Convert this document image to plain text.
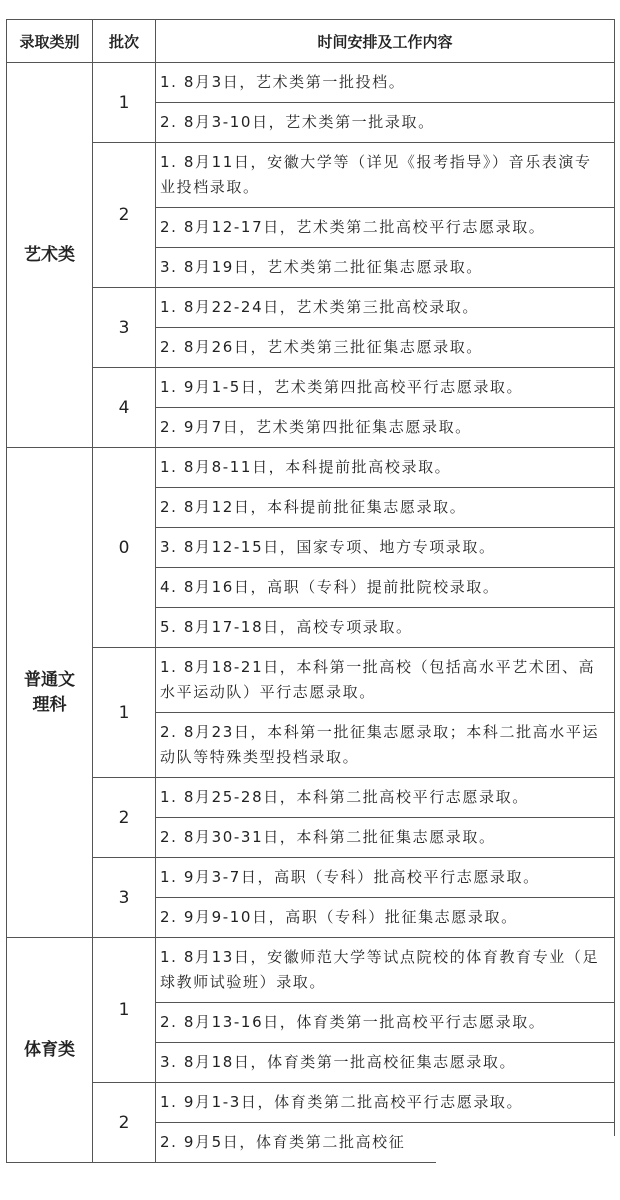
录取类别	批次	时间安排及工作内容
艺术类	1	1. 8月3日，艺术类第一批投档。
		2. 8月3-10日，艺术类第一批录取。
	2	1. 8月11日，安徽大学等（详见《报考指导》）音乐表演专业投档录取。
		2. 8月12-17日，艺术类第二批高校平行志愿录取。
		3. 8月19日，艺术类第二批征集志愿录取。
	3	1. 8月22-24日，艺术类第三批高校录取。
		2. 8月26日，艺术类第三批征集志愿录取。
	4	1. 9月1-5日，艺术类第四批高校平行志愿录取。
		2. 9月7日，艺术类第四批征集志愿录取。

普通文理科	0	1. 8月8-11日，本科提前批高校录取。
		2. 8月12日，本科提前批征集志愿录取。
		3. 8月12-15日，国家专项、地方专项录取。
		4. 8月16日，高职（专科）提前批院校录取。
		5. 8月17-18日，高校专项录取。
	1	1. 8月18-21日，本科第一批高校（包括高水平艺术团、高水平运动队）平行志愿录取。
		2. 8月23日，本科第一批征集志愿录取；本科二批高水平运动队等特殊类型投档录取。
	2	1. 8月25-28日，本科第二批高校平行志愿录取。
		2. 8月30-31日，本科第二批征集志愿录取。
	3	1. 9月3-7日，高职（专科）批高校平行志愿录取。
		2. 9月9-10日，高职（专科）批征集志愿录取。
体育类	1	1. 8月13日，安徽师范大学等试点院校的体育教育专业（足球教师试验班）录取。
		2. 8月13-16日，体育类第一批高校平行志愿录取。
		3. 8月18日，体育类第一批高校征集志愿录取。
	2	1. 9月1-3日，体育类第二批高校平行志愿录取。
		2. 9月5日，体育类第二批高校征
